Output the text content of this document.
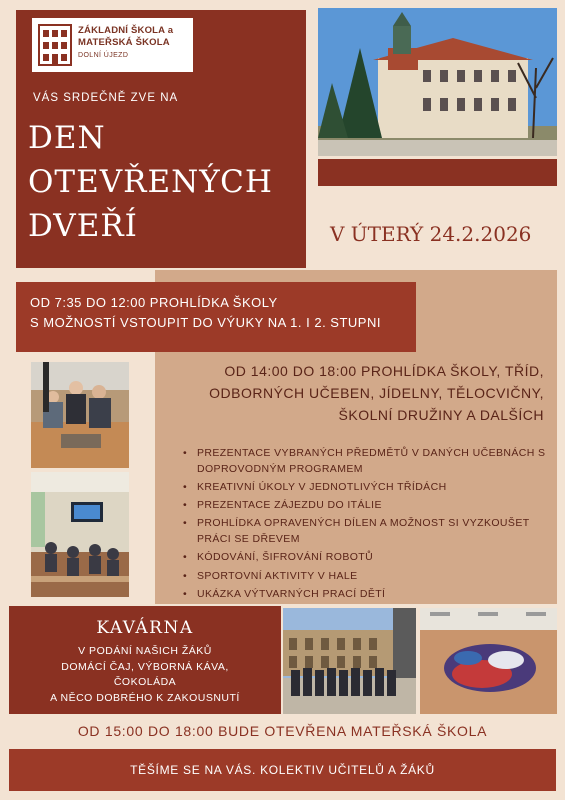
ZÁKLADNÍ ŠKOLA a
MATEŘSKÁ ŠKOLA
DOLNÍ ÚJEZD
VÁS SRDEČNĚ ZVE NA
DEN
OTEVŘENÝCH
DVEŘÍ	V ÚTERÝ 24.2.2026
OD 7:35 DO 12:00 PROHLÍDKA ŠKOLY
S MOŽNOSTÍ VSTOUPIT DO VÝUKY NA 1. I 2. STUPNI
OD 14:00 DO 18:00 PROHLÍDKA ŠKOLY, TŘÍD,
ODBORNÝCH UČEBEN, JÍDELNY, TĚLOCVIČNY,
ŠKOLNÍ DRUŽINY A DALŠÍCH
• PREZENTACE VYBRANÝCH PŘEDMĚTŮ V DANÝCH UČEBNÁCH S DOPROVODNÝM PROGRAMEM
• KREATIVNÍ ÚKOLY V JEDNOTLIVÝCH TŘÍDÁCH
• PREZENTACE ZÁJEZDU DO ITÁLIE
• PROHLÍDKA OPRAVENÝCH DÍLEN A MOŽNOST SI VYZKOUŠET PRÁCI SE DŘEVEM
• KÓDOVÁNÍ, ŠIFROVÁNÍ ROBOTŮ
• SPORTOVNÍ AKTIVITY V HALE
• UKÁZKA VÝTVARNÝCH PRACÍ DĚTÍ
KAVÁRNA
V PODÁNÍ NAŠICH ŽÁKŮ
DOMÁCÍ ČAJ, VÝBORNÁ KÁVA,
ČOKOLÁDA
A NĚCO DOBRÉHO K ZAKOUSNUTÍ
OD 15:00 DO 18:00 BUDE OTEVŘENA MATEŘSKÁ ŠKOLA
TĚŠÍME SE NA VÁS. KOLEKTIV UČITELŮ A ŽÁKŮ
